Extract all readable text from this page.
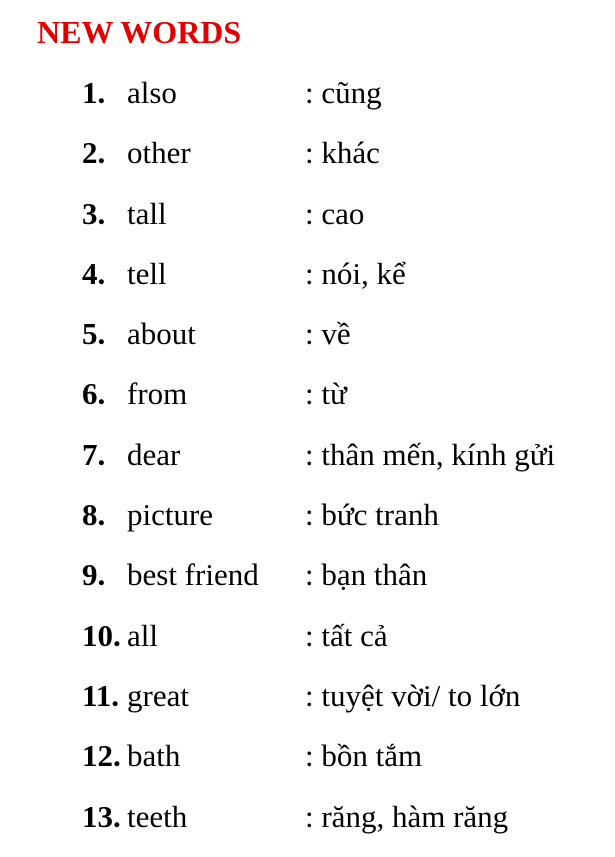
NEW WORDS
1. also	: cũng
2. other	: khác
3. tall	: cao
4. tell	: nói, kể
5. about	: về
6. from	: từ
7. dear	: thân mến, kính gửi
8. picture	: bức tranh
9. best friend : bạn thân
10. all	: tất cả
11. great	: tuyệt vời/ to lớn
12. bath	: bồn tắm
13. teeth	: răng, hàm răng
